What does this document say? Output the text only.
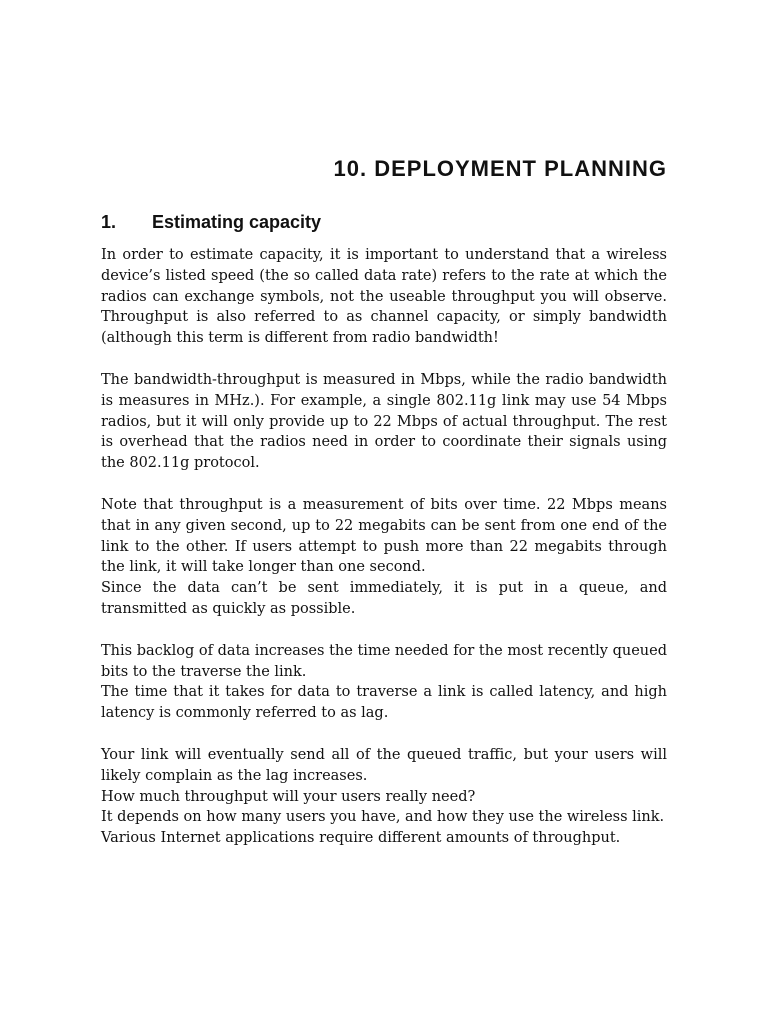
10. DEPLOYMENT PLANNING
1. Estimating capacity

In order to estimate capacity, it is important to understand that a wireless device’s listed speed (the so called data rate) refers to the rate at which the radios can exchange symbols, not the useable throughput you will observe. Throughput is also referred to as channel capacity, or simply bandwidth (although this term is different from radio bandwidth!

The bandwidth-throughput is measured in Mbps, while the radio bandwidth is measures in MHz.). For example, a single 802.11g link may use 54 Mbps radios, but it will only provide up to 22 Mbps of actual throughput. The rest is overhead that the radios need in order to coordinate their signals using the 802.11g protocol.

Note that throughput is a measurement of bits over time. 22 Mbps means that in any given second, up to 22 megabits can be sent from one end of the link to the other. If users attempt to push more than 22 megabits through the link, it will take longer than one second.
Since the data can’t be sent immediately, it is put in a queue, and transmitted as quickly as possible.

This backlog of data increases the time needed for the most recently queued bits to the traverse the link.
The time that it takes for data to traverse a link is called latency, and high latency is commonly referred to as lag.

Your link will eventually send all of the queued traffic, but your users will likely complain as the lag increases.
How much throughput will your users really need?
It depends on how many users you have, and how they use the wireless link.
Various Internet applications require different amounts of throughput.
